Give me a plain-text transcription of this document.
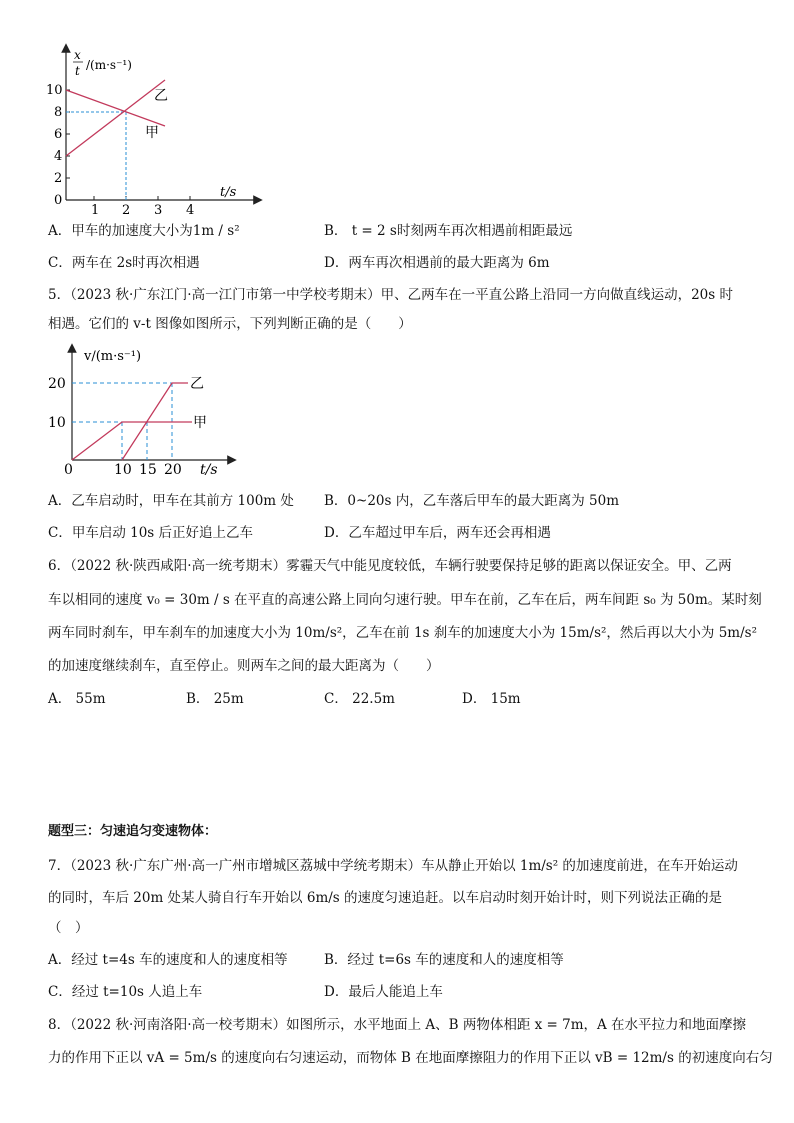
x
t /(m·s⁻¹)
10
8
6
4
2
0
1 2 3 4
t/s
乙
甲
A．甲车的加速度大小为1m / s²	B． t = 2 s时刻两车再次相遇前相距最远
C．两车在 2s时再次相遇	D．两车再次相遇前的最大距离为 6m
5．（2023 秋·广东江门·高一江门市第一中学校考期末）甲、乙两车在一平直公路上沿同一方向做直线运动，20s 时
相遇。它们的 v-t 图像如图所示，下列判断正确的是（　　）
v/(m·s⁻¹)
20
10
0	10 15 20 t/s
乙
甲
A．乙车启动时，甲车在其前方 100m 处 B．0~20s 内，乙车落后甲车的最大距离为 50m
C．甲车启动 10s 后正好追上乙车	D．乙车超过甲车后，两车还会再相遇
6．（2022 秋·陕西咸阳·高一统考期末）雾霾天气中能见度较低，车辆行驶要保持足够的距离以保证安全。甲、乙两
车以相同的速度 v₀ = 30m / s 在平直的高速公路上同向匀速行驶。甲车在前，乙车在后，两车间距 s₀ 为 50m。某时刻
两车同时刹车，甲车刹车的加速度大小为 10m/s²，乙车在前 1s 刹车的加速度大小为 15m/s²，然后再以大小为 5m/s²
的加速度继续刹车，直至停止。则两车之间的最大距离为（　　）
A． 55m	B． 25m	C． 22.5m	D． 15m
题型三：匀速追匀变速物体：
7．（2023 秋·广东广州·高一广州市增城区荔城中学统考期末）车从静止开始以 1m/s² 的加速度前进，在车开始运动
的同时，车后 20m 处某人骑自行车开始以 6m/s 的速度匀速追赶。以车启动时刻开始计时，则下列说法正确的是
（　）
A．经过 t=4s 车的速度和人的速度相等	B．经过 t=6s 车的速度和人的速度相等
C．经过 t=10s 人追上车	D．最后人能追上车
8．（2022 秋·河南洛阳·高一校考期末）如图所示，水平地面上 A、B 两物体相距 x = 7m，A 在水平拉力和地面摩擦
力的作用下正以 vA = 5m/s 的速度向右匀速运动，而物体 B 在地面摩擦阻力的作用下正以 vB = 12m/s 的初速度向右匀
